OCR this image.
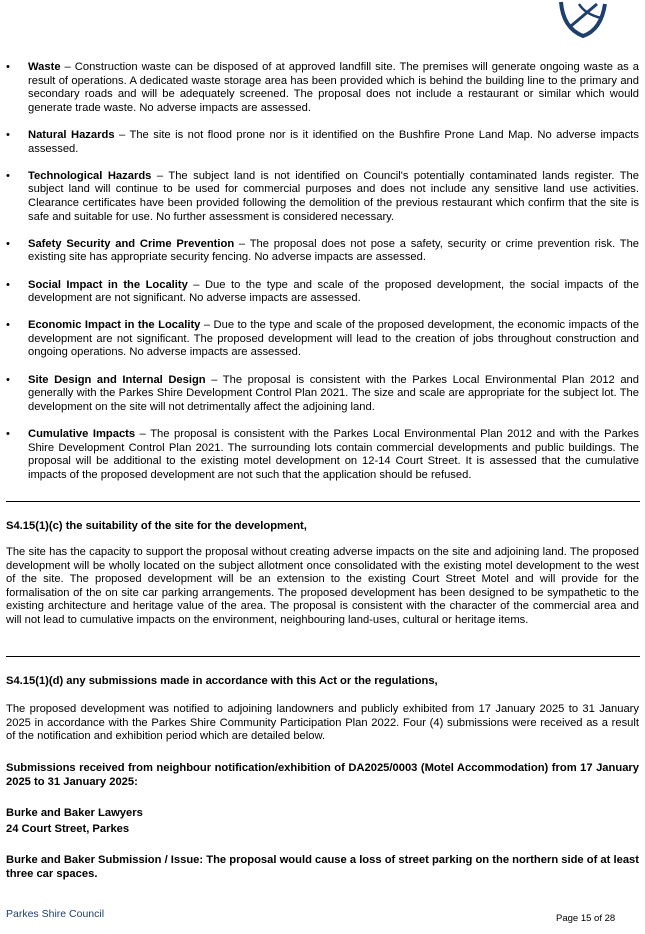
• Waste – Construction waste can be disposed of at approved landfill site. The premises will generate ongoing waste as a result of operations. A dedicated waste storage area has been provided which is behind the building line to the primary and secondary roads and will be adequately screened. The proposal does not include a restaurant or similar which would generate trade waste. No adverse impacts are assessed.
• Natural Hazards – The site is not flood prone nor is it identified on the Bushfire Prone Land Map. No adverse impacts assessed.
• Technological Hazards – The subject land is not identified on Council's potentially contaminated lands register. The subject land will continue to be used for commercial purposes and does not include any sensitive land use activities. Clearance certificates have been provided following the demolition of the previous restaurant which confirm that the site is safe and suitable for use. No further assessment is considered necessary.
• Safety Security and Crime Prevention – The proposal does not pose a safety, security or crime prevention risk. The existing site has appropriate security fencing. No adverse impacts are assessed.
• Social Impact in the Locality – Due to the type and scale of the proposed development, the social impacts of the development are not significant. No adverse impacts are assessed.
• Economic Impact in the Locality – Due to the type and scale of the proposed development, the economic impacts of the development are not significant. The proposed development will lead to the creation of jobs throughout construction and ongoing operations. No adverse impacts are assessed.
• Site Design and Internal Design – The proposal is consistent with the Parkes Local Environmental Plan 2012 and generally with the Parkes Shire Development Control Plan 2021. The size and scale are appropriate for the subject lot. The development on the site will not detrimentally affect the adjoining land.
• Cumulative Impacts – The proposal is consistent with the Parkes Local Environmental Plan 2012 and with the Parkes Shire Development Control Plan 2021. The surrounding lots contain commercial developments and public buildings. The proposal will be additional to the existing motel development on 12-14 Court Street. It is assessed that the cumulative impacts of the proposed development are not such that the application should be refused.
S4.15(1)(c) the suitability of the site for the development,

The site has the capacity to support the proposal without creating adverse impacts on the site and adjoining land. The proposed development will be wholly located on the subject allotment once consolidated with the existing motel development to the west of the site. The proposed development will be an extension to the existing Court Street Motel and will provide for the formalisation of the on site car parking arrangements. The proposed development has been designed to be sympathetic to the existing architecture and heritage value of the area. The proposal is consistent with the character of the commercial area and will not lead to cumulative impacts on the environment, neighbouring land-uses, cultural or heritage items.

S4.15(1)(d) any submissions made in accordance with this Act or the regulations,

The proposed development was notified to adjoining landowners and publicly exhibited from 17 January 2025 to 31 January 2025 in accordance with the Parkes Shire Community Participation Plan 2022. Four (4) submissions were received as a result of the notification and exhibition period which are detailed below.

Submissions received from neighbour notification/exhibition of DA2025/0003 (Motel Accommodation) from 17 January 2025 to 31 January 2025:

Burke and Baker Lawyers

24 Court Street, Parkes

Burke and Baker Submission / Issue: The proposal would cause a loss of street parking on the northern side of at least three car spaces.

Parkes Shire Council	Page 15 of 28
